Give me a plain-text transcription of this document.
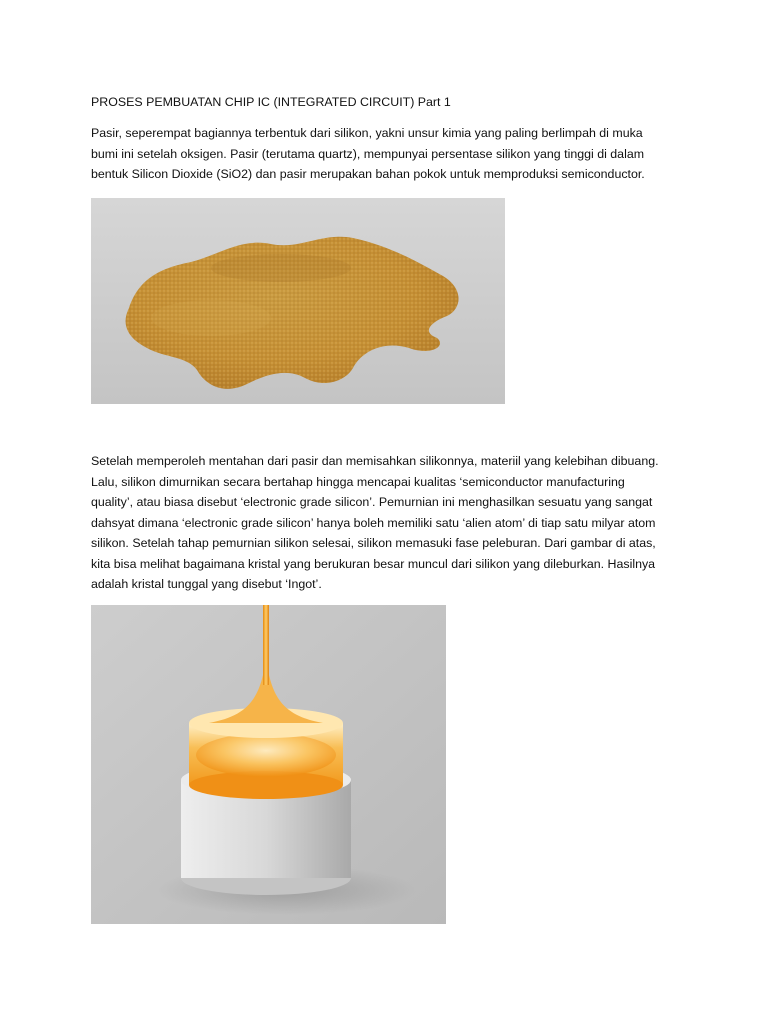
PROSES PEMBUATAN CHIP IC (INTEGRATED CIRCUIT) Part 1
Pasir, seperempat bagiannya terbentuk dari silikon, yakni unsur kimia yang paling berlimpah di muka
bumi ini setelah oksigen. Pasir (terutama quartz), mempunyai persentase silikon yang tinggi di dalam
bentuk Silicon Dioxide (SiO2) dan pasir merupakan bahan pokok untuk memproduksi semiconductor.
Setelah memperoleh mentahan dari pasir dan memisahkan silikonnya, materiil yang kelebihan dibuang.
Lalu, silikon dimurnikan secara bertahap hingga mencapai kualitas ‘semiconductor manufacturing
quality’, atau biasa disebut ‘electronic grade silicon’. Pemurnian ini menghasilkan sesuatu yang sangat
dahsyat dimana ‘electronic grade silicon’ hanya boleh memiliki satu ‘alien atom’ di tiap satu milyar atom
silikon. Setelah tahap pemurnian silikon selesai, silikon memasuki fase peleburan. Dari gambar di atas,
kita bisa melihat bagaimana kristal yang berukuran besar muncul dari silikon yang dileburkan. Hasilnya
adalah kristal tunggal yang disebut ‘Ingot’.
